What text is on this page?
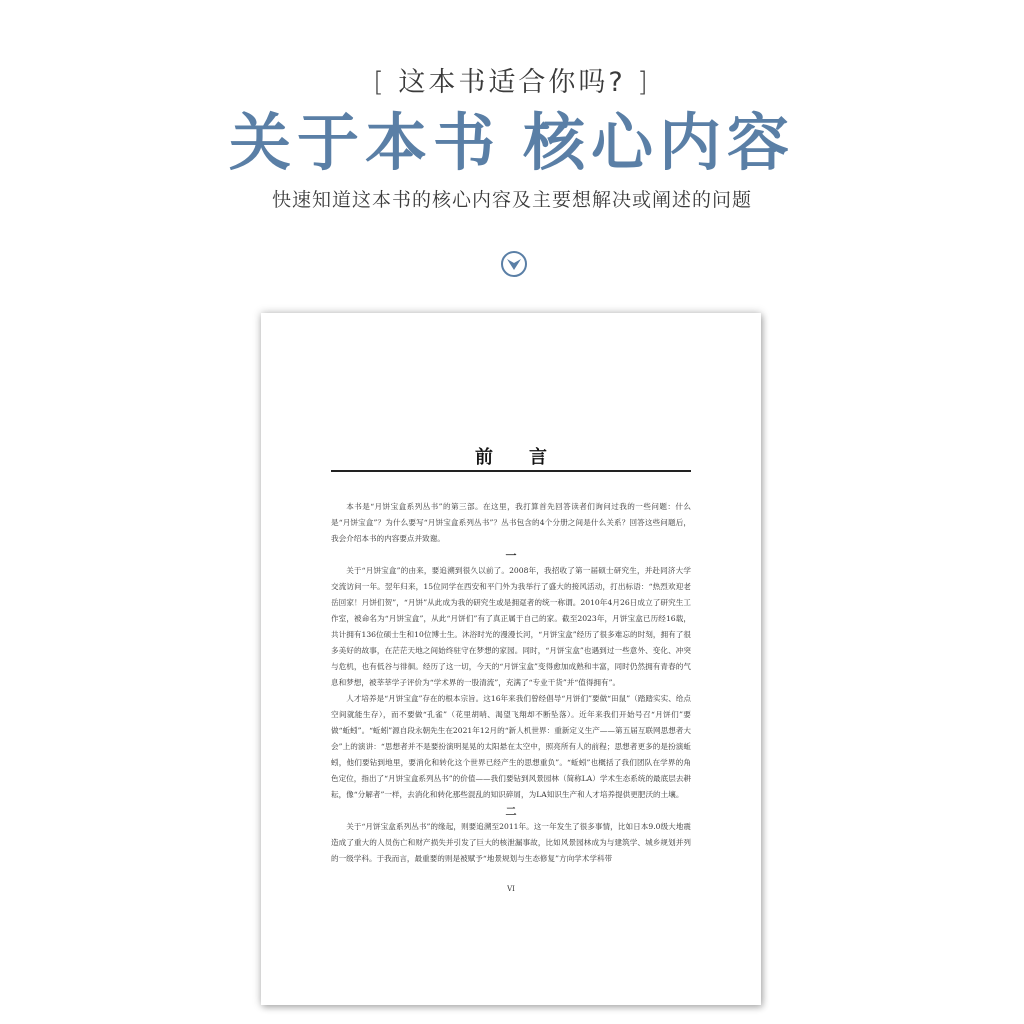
[ 这本书适合你吗? ]
关于本书 核心内容
快速知道这本书的核心内容及主要想解决或阐述的问题
前 言

本书是“月饼宝盒系列丛书”的第三部。在这里，我打算首先回答读者们询问过我的一些问题：什么是“月饼宝盒”？为什么要写“月饼宝盒系列丛书”？丛书包含的4个分册之间是什么关系？回答这些问题后，我会介绍本书的内容要点并致谢。

一

关于“月饼宝盒”的由来，要追溯到很久以前了。2008年，我招收了第一届硕士研究生，并赴同济大学交流访问一年。翌年归来，15位同学在西安和平门外为我举行了盛大的接风活动，打出标语：“热烈欢迎老岳回家！月饼们贺”，“月饼”从此成为我的研究生或是拥趸者的统一称谓。2010年4月26日成立了研究生工作室，被命名为“月饼宝盒”，从此“月饼们”有了真正属于自己的家。截至2023年，月饼宝盒已历经16载，共计拥有136位硕士生和10位博士生。沐浴时光的漫漫长河，“月饼宝盒”经历了很多难忘的时刻，拥有了很多美好的故事，在茫茫天地之间始终驻守在梦想的家园。同时，“月饼宝盒”也遇到过一些意外、变化、冲突与危机，也有低谷与徘徊。经历了这一切，今天的“月饼宝盒”变得愈加成熟和丰富，同时仍然拥有青春的气息和梦想，被莘莘学子评价为“学术界的一股清流”，充满了“专业干货”并“值得拥有”。

人才培养是“月饼宝盒”存在的根本宗旨。这16年来我们曾经倡导“月饼们”要做“田鼠”（踏踏实实、给点空间就能生存），而不要做“孔雀”（花里胡哨、渴望飞翔却不断坠落）。近年来我们开始号召“月饼们”要做“蚯蚓”。“蚯蚓”源自段永朝先生在2021年12月的“新人机世界：重新定义生产——第五届互联网思想者大会”上的演讲：“思想者并不是要扮演明晃晃的太阳悬在太空中，照亮所有人的前程；思想者更多的是扮演蚯蚓，他们要钻到地里，要消化和转化这个世界已经产生的思想重负”。“蚯蚓”也概括了我们团队在学界的角色定位，指出了“月饼宝盒系列丛书”的价值——我们要钻到风景园林（简称LA）学术生态系统的最底层去耕耘，像“分解者”一样，去消化和转化那些混乱的知识碎屑，为LA知识生产和人才培养提供更肥沃的土壤。

二

关于“月饼宝盒系列丛书”的缘起，则要追溯至2011年。这一年发生了很多事情，比如日本9.0级大地震造成了重大的人员伤亡和财产损失并引发了巨大的核泄漏事故，比如风景园林成为与建筑学、城乡规划并列的一级学科。于我而言，最重要的则是被赋予“地景规划与生态修复”方向学术学科带

VI
